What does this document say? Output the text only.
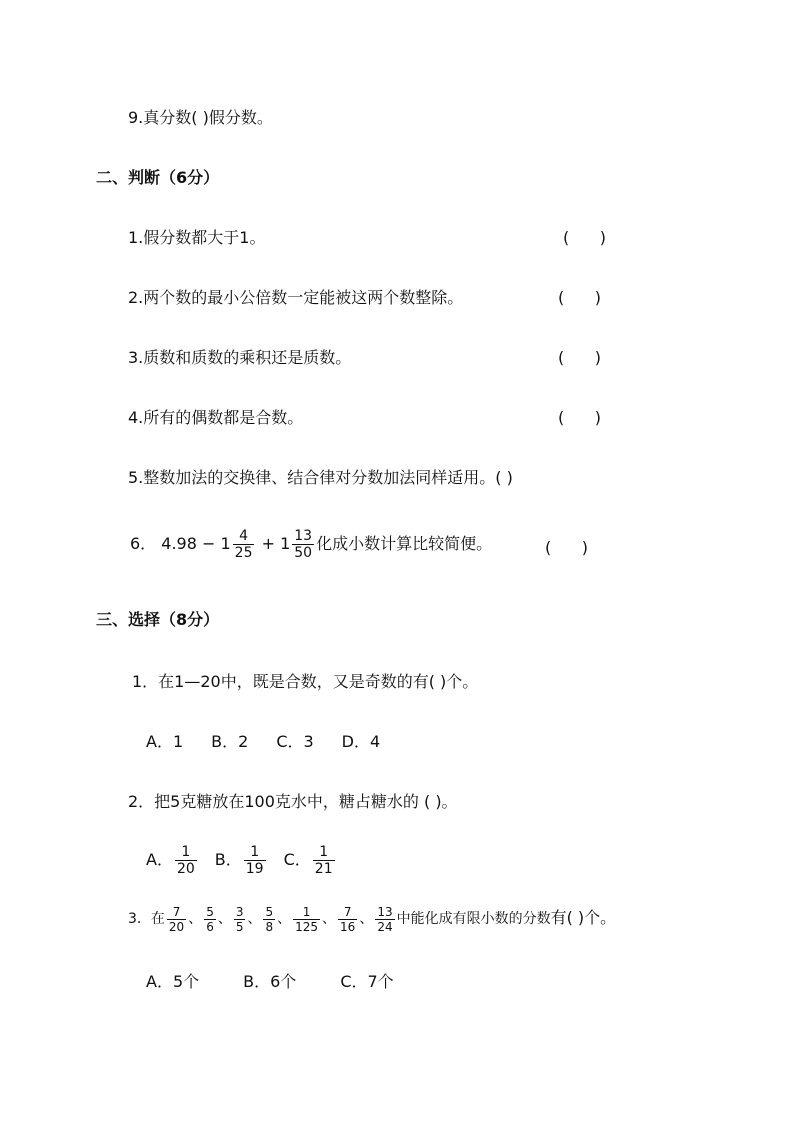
9.真分数( )假分数。
二、判断（6分）
1.假分数都大于1。	(      )
2.两个数的最小公倍数一定能被这两个数整除。	(      )
3.质数和质数的乘积还是质数。	(      )
4.所有的偶数都是合数。	(      )
5.整数加法的交换律、结合律对分数加法同样适用。( )
6． $4.98 - 1 \frac{4}{25} + 1 \frac{13}{50}$ 化成小数计算比较简便。	(      )
三、选择（8分）
1．在1—20中，既是合数，又是奇数的有( )个。
A．1 B．2 C．3 D．4
2．把5克糖放在100克水中，糖占糖水的 ( )。
A． $\frac{1}{20}$ B． $\frac{1}{19}$ C． $\frac{1}{21}$
3．在 $\frac{7}{20}$ 、 $\frac{5}{6}$ 、 $\frac{3}{5}$ 、 $\frac{5}{8}$ 、 $\frac{1}{125}$ 、 $\frac{7}{16}$ 、 $\frac{13}{24}$ 中能化成有限小数的分数有( )个。
A．5个	B．6个	C．7个
